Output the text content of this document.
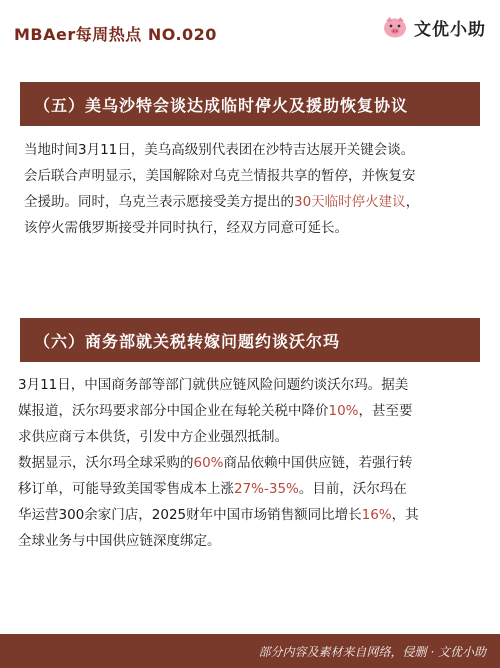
MBAer每周热点 NO.020	文优小助
（五）美乌沙特会谈达成临时停火及援助恢复协议
当地时间3月11日，美乌高级别代表团在沙特吉达展开关键会谈。
会后联合声明显示，美国解除对乌克兰情报共享的暂停，并恢复安
全援助。同时，乌克兰表示愿接受美方提出的30天临时停火建议，
该停火需俄罗斯接受并同时执行，经双方同意可延长。
（六）商务部就关税转嫁问题约谈沃尔玛
3月11日，中国商务部等部门就供应链风险问题约谈沃尔玛。据美
媒报道，沃尔玛要求部分中国企业在每轮关税中降价10%，甚至要
求供应商亏本供货，引发中方企业强烈抵制。
数据显示，沃尔玛全球采购的60%商品依赖中国供应链，若强行转
移订单，可能导致美国零售成本上涨27%-35%。目前，沃尔玛在
华运营300余家门店，2025财年中国市场销售额同比增长16%，其
全球业务与中国供应链深度绑定。
部分内容及素材来自网络，侵删 · 文优小助
